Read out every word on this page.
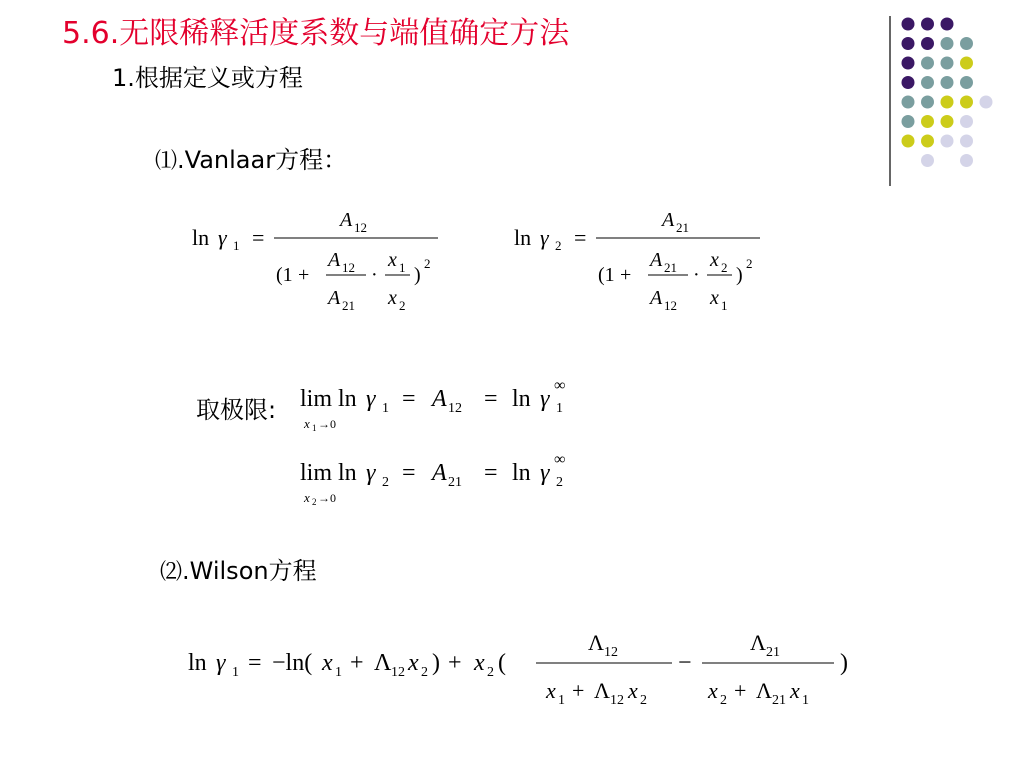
5.6.无限稀释活度系数与端值确定方法
1.根据定义或方程
⑴.Vanlaar方程：
ln γ 1 =
A 12
(1 +
A 12
A 21
·
x 1
x 2
)
2
ln γ 2 =
A 21
(1 +
A 21
A 12
·
x 2
x 1
)
2
取极限: lim ln γ 1 = A 12 = ln γ 1
∞
x 1 →0
lim ln γ 2 = A 21 = ln γ 2
∞
x 2 →0
⑵.Wilson方程
ln γ 1 = −ln( x 1 + Λ 12 x 2 ) + x 2 (
Λ 12
x 1 + Λ 12 x 2
−
Λ 21
x 2 + Λ 21 x 1
)
